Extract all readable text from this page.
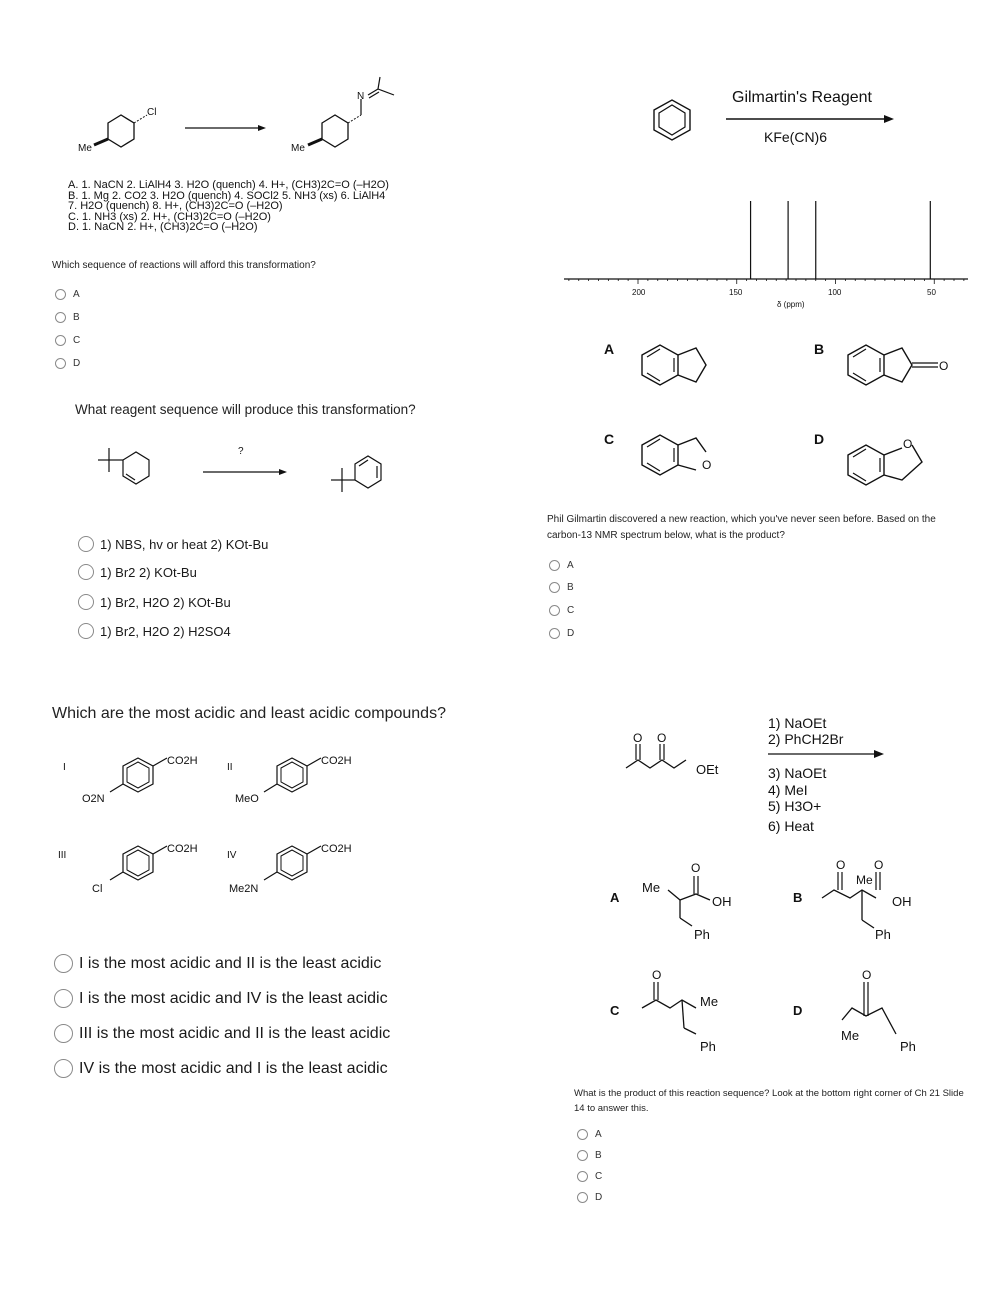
Me
Cl
Me
N
A. 1. NaCN 2. LiAlH4 3. H2O (quench) 4. H+, (CH3)2C=O (–H2O)
B. 1. Mg 2. CO2 3. H2O (quench) 4. SOCl2 5. NH3 (xs) 6. LiAlH4
7. H2O (quench) 8. H+, (CH3)2C=O (–H2O)
C. 1. NH3 (xs) 2. H+, (CH3)2C=O (–H2O)
D. 1. NaCN 2. H+, (CH3)2C=O (–H2O)
Which sequence of reactions will afford this transformation?
A
B
C
D
What reagent sequence will produce this transformation?
?
1) NBS, hv or heat 2) KOt-Bu
1) Br2 2) KOt-Bu
1) Br2, H2O 2) KOt-Bu
1) Br2, H2O 2) H2SO4
Which are the most acidic and least acidic compounds?
I
CO2H
O2N
II
CO2H
MeO
III
CO2H
Cl
IV
CO2H
Me2N
I is the most acidic and II is the least acidic
I is the most acidic and IV is the least acidic
III is the most acidic and II is the least acidic
IV is the most acidic and I is the least acidic
Gilmartin's Reagent
KFe(CN)6
200	150	100	50
δ (ppm)
A	B
O
C
O
D	O
Phil Gilmartin discovered a new reaction, which you've never seen before. Based on the carbon-13 NMR spectrum below, what is the product?
A
B
C
D
O O
OEt
1) NaOEt
2) PhCH2Br
3) NaOEt
4) MeI
5) H3O+
6) Heat
A
Me
O
OH
Ph
B
O O
Me
OH
Ph
C
O
Me
Ph
D
O
Me
Ph
What is the product of this reaction sequence? Look at the bottom right corner of Ch 21 Slide 14 to answer this.
A
B
C
D
